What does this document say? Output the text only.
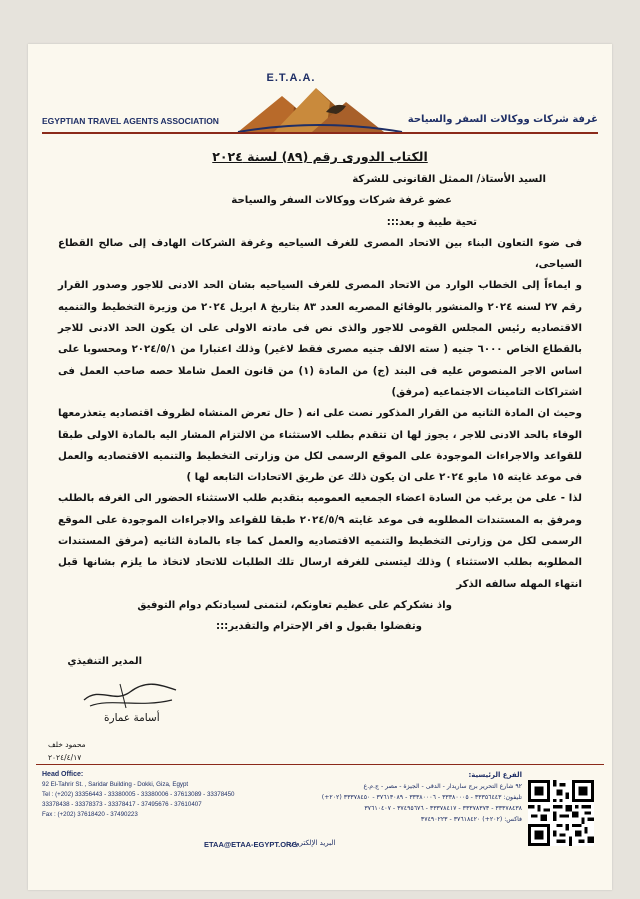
E.T.A.A.
EGYPTIAN TRAVEL AGENTS ASSOCIATION	غرفة شركات ووكالات السفر والسياحة
الكتاب الدورى رقم (٨٩) لسنة ٢٠٢٤

السيد الأستاذ/ الممثل القانونى للشركة

عضو غرفة شركات ووكالات السفر والسياحة

تحية طيبة و بعد:::

فى ضوء التعاون البناء بين الاتحاد المصرى للغرف السياحيه وغرفة الشركات الهادف إلى صالح القطاع السياحى،

و ايماءاً إلى الخطاب الوارد من الاتحاد المصرى للغرف السياحيه بشان الحد الادنى للاجور وصدور القرار رقم ٢٧ لسنه ٢٠٢٤ والمنشور بالوقائع المصريه العدد ٨٣ بتاريخ ٨ ابريل ٢٠٢٤ من وزيرة التخطيط والتنميه الاقتصاديه رئيس المجلس القومى للاجور والذى نص فى مادته الاولى على ان يكون الحد الادنى للاجر بالقطاع الخاص ٦٠٠٠ جنيه ( سته الالف جنيه مصرى فقط لاغير) وذلك اعتبارا من ٢٠٢٤/٥/١ ومحسوبا على اساس الاجر المنصوص عليه فى البند (ج) من المادة (١) من قانون العمل شاملا حصه صاحب العمل فى اشتراكات التامينات الاجتماعيه (مرفق)

وحيث ان المادة الثانيه من القرار المذكور نصت على انه ( حال تعرض المنشاه لظروف اقتصاديه يتعذرمعها الوفاء بالحد الادنى للاجر ، يجوز لها ان تتقدم بطلب الاستثناء من الالتزام المشار اليه بالمادة الاولى طبقا للقواعد والاجراءات الموجودة على الموقع الرسمى لكل من وزارتى التخطيط والتنميه الاقتصاديه والعمل فى موعد غايته ١٥ مايو ٢٠٢٤ على ان يكون ذلك عن طريق الاتحادات التابعه لها )

لذا - على من يرغب من السادة اعضاء الجمعيه العموميه بتقديم طلب الاستثناء الحضور الى الغرفه بالطلب ومرفق به المستندات المطلوبه فى موعد غايته ٢٠٢٤/٥/٩ طبقا للقواعد والاجراءات الموجودة على الموقع الرسمى لكل من وزارتى التخطيط والتنميه الاقتصاديه والعمل كما جاء بالمادة الثانيه (مرفق المستندات المطلوبه بطلب الاستثناء ) وذلك ليتسنى للغرفه ارسال تلك الطلبات للاتحاد لاتخاذ ما يلزم بشانها قبل انتهاء المهله سالفه الذكر

واذ نشكركم على عظيم تعاونكم، لنتمنى لسيادتكم دوام التوفيق

وتفضلوا بقبول و افر الإحترام والتقدير:::

المدير التنفيذي
أسامة عمارة
محمود خلف
٢٠٢٤/٤/١٧
Head Office:
92 El-Tahrir St. , Saridar Building - Dokki, Giza, Egypt
Tel : (+202) 33356443 - 33380005 - 33380006 - 37613089 - 33378450
33378438 - 33378373 - 33378417 - 37495676 - 37610407
Fax : (+202) 37618420 - 37490223
الفرع الرئيسية:
٩٢ شارع التحرير برج ساريدار - الدقى - الجيزة - مصر - ج.م.ع
تليفون: ٣٣٣٥٦٤٤٣ - ٣٣٣٨٠٠٠٥ - ٣٣٣٨٠٠٠٦ - ٣٧٦١٣٠٨٩ - ٣٣٣٧٨٤٥٠ (٢٠٢+)
٣٣٣٧٨٤٣٨ - ٣٣٣٧٨٣٧٣ - ٣٣٣٧٨٤١٧ - ٣٧٤٩٥٦٧٦ - ٣٧٦١٠٤٠٧
فاكس: (٢٠٢+) ٣٧٦١٨٤٢٠ - ٣٧٤٩٠٢٢٣
ETAA@ETAA-EGYPT.ORG
البريد الإلكتروني:
